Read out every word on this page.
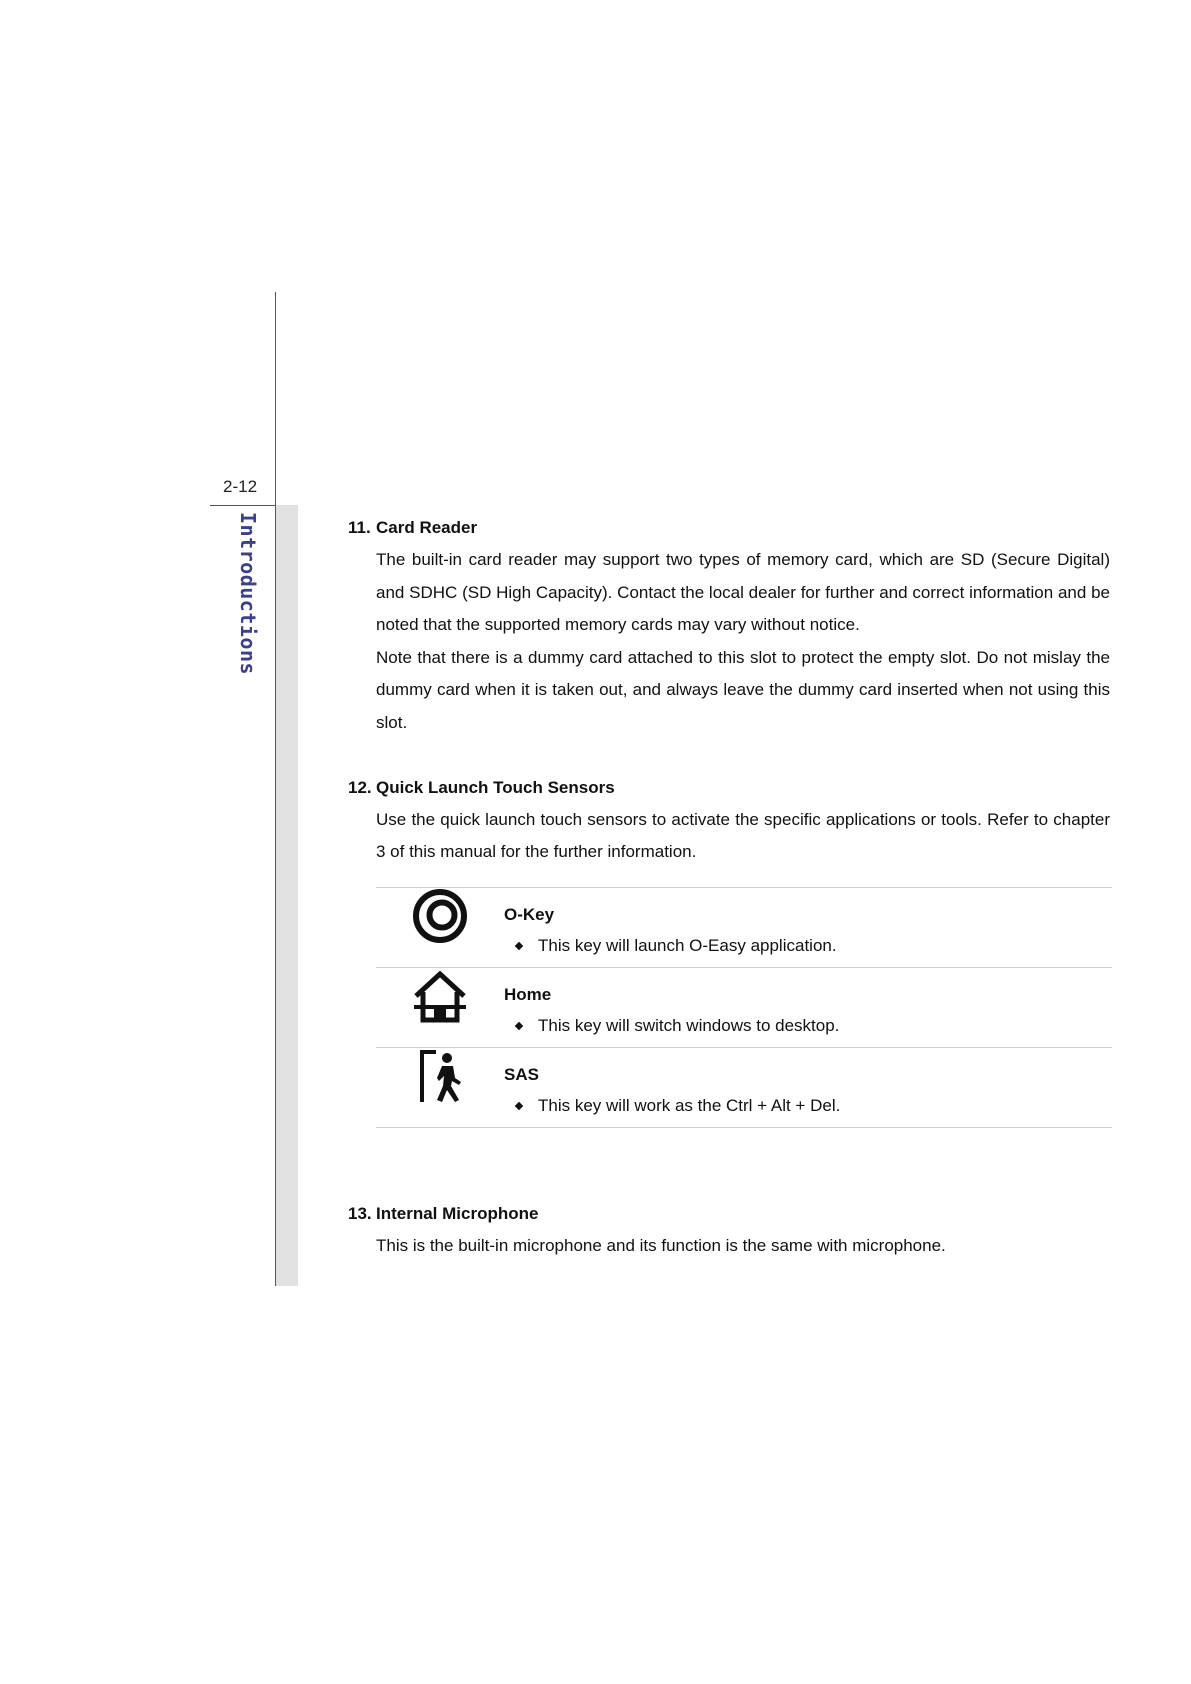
2-12
Introductions	11. Card Reader

The built-in card reader may support two types of memory card, which are SD (Secure Digital) and SDHC (SD High Capacity). Contact the local dealer for further and correct information and be noted that the supported memory cards may vary without notice.

Note that there is a dummy card attached to this slot to protect the empty slot. Do not mislay the dummy card when it is taken out, and always leave the dummy card inserted when not using this slot.

12. Quick Launch Touch Sensors

Use the quick launch touch sensors to activate the specific applications or tools. Refer to chapter 3 of this manual for the further information.

O-Key
This key will launch O-Easy application.

Home
This key will switch windows to desktop.

SAS
This key will work as the Ctrl + Alt + Del.
13. Internal Microphone

This is the built-in microphone and its function is the same with microphone.
